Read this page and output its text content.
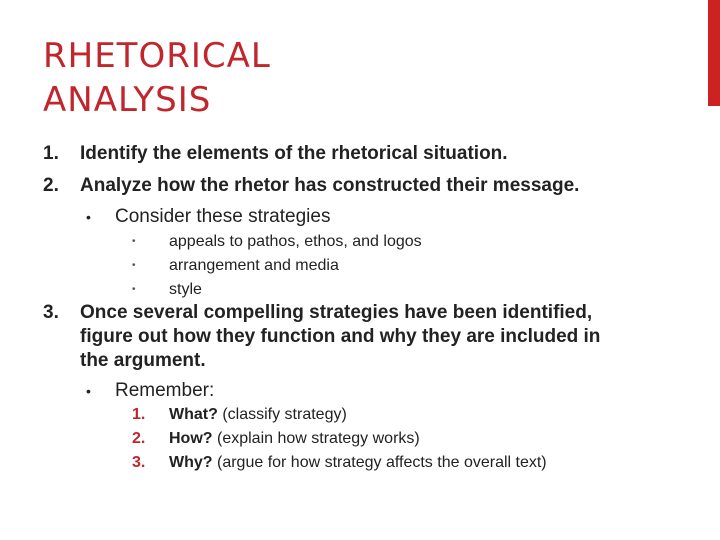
RHETORICAL
ANALYSIS
1. Identify the elements of the rhetorical situation.
2. Analyze how the rhetor has constructed their message.
• Consider these strategies
• appeals to pathos, ethos, and logos
• arrangement and media
• style
3. Once several compelling strategies have been identified,
figure out how they function and why they are included in
the argument.
• Remember:
1. What? (classify strategy)
2. How? (explain how strategy works)
3. Why? (argue for how strategy affects the overall text)
